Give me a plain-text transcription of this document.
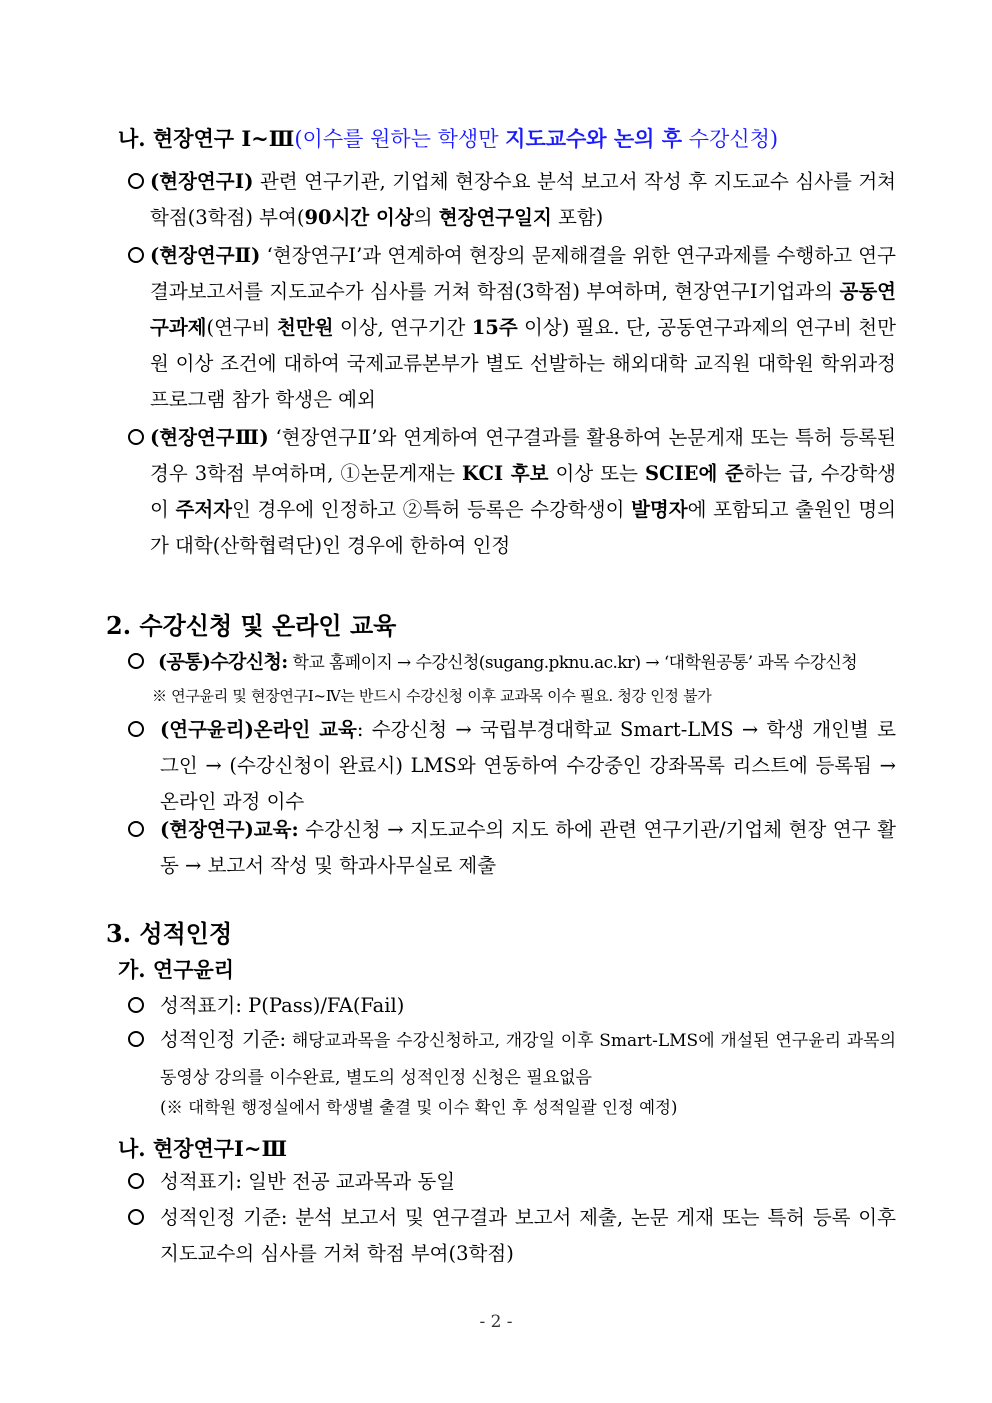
나. 현장연구 Ⅰ~Ⅲ(이수를 원하는 학생만 지도교수와 논의 후 수강신청)
(현장연구Ⅰ) 관련 연구기관, 기업체 현장수요 분석 보고서 작성 후 지도교수 심사를 거쳐 학점(3학점) 부여(90시간 이상의 현장연구일지 포함)
(현장연구Ⅱ) ‘현장연구Ⅰ’과 연계하여 현장의 문제해결을 위한 연구과제를 수행하고 연구결과보고서를 지도교수가 심사를 거쳐 학점(3학점) 부여하며, 현장연구Ⅰ기업과의 공동연구과제(연구비 천만원 이상, 연구기간 15주 이상) 필요. 단, 공동연구과제의 연구비 천만원 이상 조건에 대하여 국제교류본부가 별도 선발하는 해외대학 교직원 대학원 학위과정 프로그램 참가 학생은 예외
(현장연구Ⅲ) ‘현장연구Ⅱ’와 연계하여 연구결과를 활용하여 논문게재 또는 특허 등록된 경우 3학점 부여하며, ①논문게재는 KCI 후보 이상 또는 SCIE에 준하는 급, 수강학생이 주저자인 경우에 인정하고 ②특허 등록은 수강학생이 발명자에 포함되고 출원인 명의가 대학(산학협력단)인 경우에 한하여 인정
2. 수강신청 및 온라인 교육
(공통)수강신청: 학교 홈페이지 → 수강신청(sugang.pknu.ac.kr) → ‘대학원공통’ 과목 수강신청
※ 연구윤리 및 현장연구Ⅰ~Ⅳ는 반드시 수강신청 이후 교과목 이수 필요. 청강 인정 불가
(연구윤리)온라인 교육: 수강신청 → 국립부경대학교 Smart-LMS → 학생 개인별 로그인 → (수강신청이 완료시) LMS와 연동하여 수강중인 강좌목록 리스트에 등록됨 → 온라인 과정 이수
(현장연구)교육: 수강신청 → 지도교수의 지도 하에 관련 연구기관/기업체 현장 연구 활동 → 보고서 작성 및 학과사무실로 제출
3. 성적인정
가. 연구윤리
성적표기: P(Pass)/FA(Fail)
성적인정 기준: 해당교과목을 수강신청하고, 개강일 이후 Smart-LMS에 개설된 연구윤리 과목의 동영상 강의를 이수완료, 별도의 성적인정 신청은 필요없음
(※ 대학원 행정실에서 학생별 출결 및 이수 확인 후 성적일괄 인정 예정)
나. 현장연구Ⅰ~Ⅲ
성적표기: 일반 전공 교과목과 동일
성적인정 기준: 분석 보고서 및 연구결과 보고서 제출, 논문 게재 또는 특허 등록 이후 지도교수의 심사를 거쳐 학점 부여(3학점)
- 2 -
